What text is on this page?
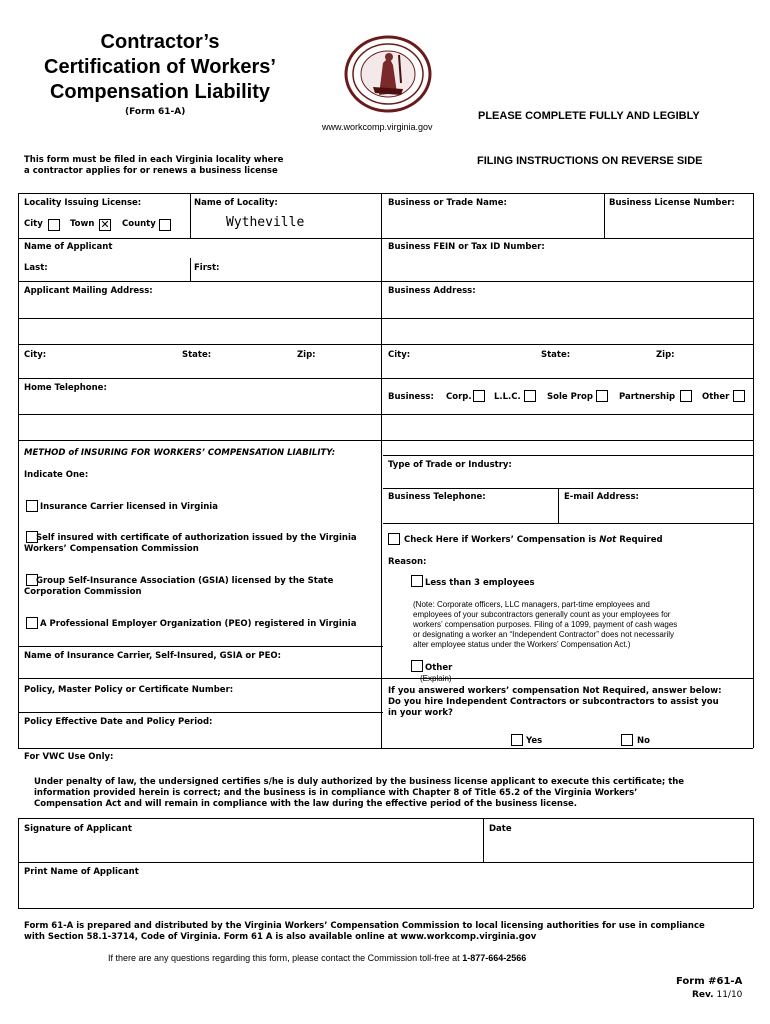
Contractor’s
Certification of Workers’
Compensation Liability
(Form 61-A)
www.workcomp.virginia.gov
PLEASE COMPLETE FULLY AND LEGIBLY
FILING INSTRUCTIONS ON REVERSE SIDE
This form must be filed in each Virginia locality where
a contractor applies for or renews a business license
Locality Issuing License:
City	Town ✕ County
Name of Locality:
Wytheville
Name of Applicant
Last:	First:
Applicant Mailing Address:
City:	State:	Zip:
Home Telephone:
METHOD of INSURING FOR WORKERS’ COMPENSATION LIABILITY:
Indicate One:
Insurance Carrier licensed in Virginia
Self insured with certificate of authorization issued by the Virginia
Workers’ Compensation Commission
Group Self-Insurance Association (GSIA) licensed by the State
Corporation Commission
A Professional Employer Organization (PEO) registered in Virginia
Name of Insurance Carrier, Self-Insured, GSIA or PEO:
Policy, Master Policy or Certificate Number:
Policy Effective Date and Policy Period:
For VWC Use Only:
Business or Trade Name:	Business License Number:
Business FEIN or Tax ID Number:
Business Address:
City:	State:	Zip:
Business: Corp.	L.L.C.	Sole Prop	Partnership	Other
Type of Trade or Industry:
Business Telephone:	E-mail Address:
Check Here if Workers’ Compensation is Not Required
Reason:
Less than 3 employees
(Note: Corporate officers, LLC managers, part-time employees and
employees of your subcontractors generally count as your employees for
workers’ compensation purposes. Filing of a 1099, payment of cash wages
or designating a worker an “Independent Contractor” does not necessarily
alter employee status under the Workers’ Compensation Act.)
Other
(Explain)
If you answered workers’ compensation Not Required, answer below:
Do you hire Independent Contractors or subcontractors to assist you
in your work?
Yes	No
Under penalty of law, the undersigned certifies s/he is duly authorized by the business license applicant to execute this certificate; the
information provided herein is correct; and the business is in compliance with Chapter 8 of Title 65.2 of the Virginia Workers’
Compensation Act and will remain in compliance with the law during the effective period of the business license.
Signature of Applicant	Date
Print Name of Applicant
Form 61-A is prepared and distributed by the Virginia Workers’ Compensation Commission to local licensing authorities for use in compliance
with Section 58.1-3714, Code of Virginia. Form 61 A is also available online at www.workcomp.virginia.gov
If there are any questions regarding this form, please contact the Commission toll-free at 1-877-664-2566
Form #61-A
Rev. 11/10
